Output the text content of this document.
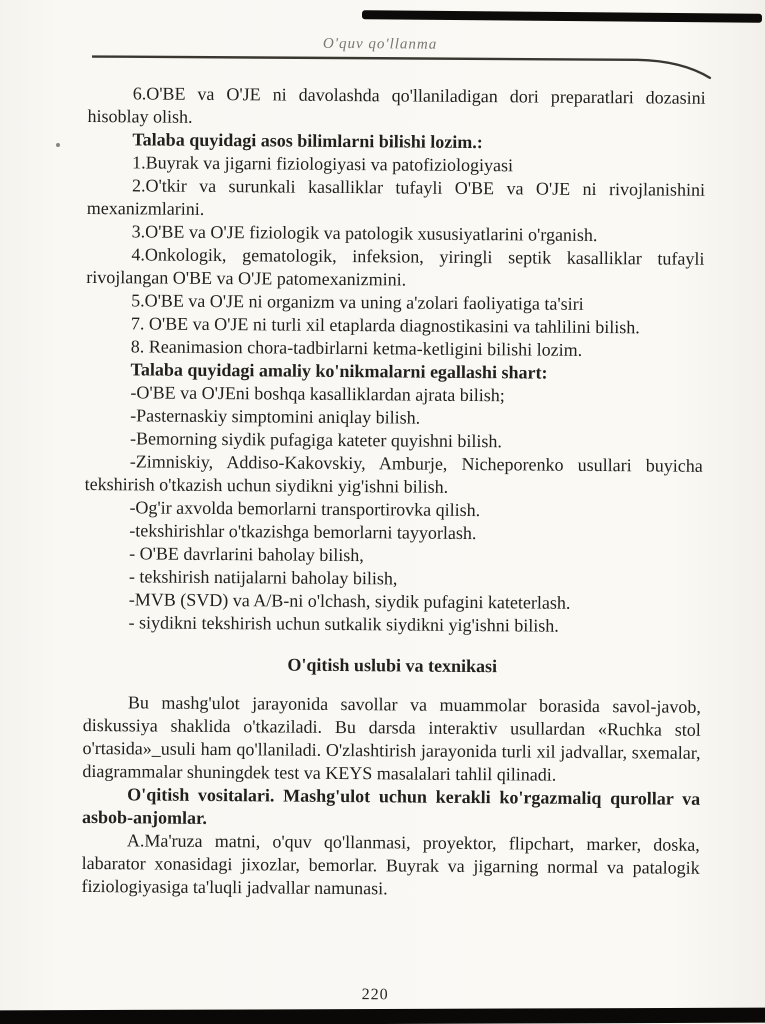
O'quv qo'llanma

6.O'BE va O'JE ni davolashda qo'llaniladigan dori preparatlari dozasini hisoblay olish.

Talaba quyidagi asos bilimlarni bilishi lozim.:

1.Buyrak va jigarni fiziologiyasi va patofiziologiyasi

2.O'tkir va surunkali kasalliklar tufayli O'BE va O'JE ni rivojlanishini mexanizmlarini.

3.O'BE va O'JE fiziologik va patologik xususiyatlarini o'rganish.

4.Onkologik, gematologik, infeksion, yiringli septik kasalliklar tufayli rivojlangan O'BE va O'JE patomexanizmini.

5.O'BE va O'JE ni organizm va uning a'zolari faoliyatiga ta'siri

7. O'BE va O'JE ni turli xil etaplarda diagnostikasini va tahlilini bilish.

8. Reanimasion chora-tadbirlarni ketma-ketligini bilishi lozim.

Talaba quyidagi amaliy ko'nikmalarni egallashi shart:

-O'BE va O'JEni boshqa kasalliklardan ajrata bilish;

-Pasternaskiy simptomini aniqlay bilish.

-Bemorning siydik pufagiga kateter quyishni bilish.

-Zimniskiy, Addiso-Kakovskiy, Amburje, Nicheporenko usullari buyicha tekshirish o'tkazish uchun siydikni yig'ishni bilish.

-Og'ir axvolda bemorlarni transportirovka qilish.

-tekshirishlar o'tkazishga bemorlarni tayyorlash.

- O'BE davrlarini baholay bilish,

- tekshirish natijalarni baholay bilish,

-MVB (SVD) va A/B-ni o'lchash, siydik pufagini kateterlash.

- siydikni tekshirish uchun sutkalik siydikni yig'ishni bilish.

O'qitish uslubi va texnikasi

Bu mashg'ulot jarayonida savollar va muammolar borasida savol-javob, diskussiya shaklida o'tkaziladi. Bu darsda interaktiv usullardan «Ruchka stol o'rtasida»_usuli ham qo'llaniladi. O'zlashtirish jarayonida turli xil jadvallar, sxemalar, diagrammalar shuningdek test va KEYS masalalari tahlil qilinadi.

O'qitish vositalari. Mashg'ulot uchun kerakli ko'rgazmaliq qurollar va asbob-anjomlar.

A.Ma'ruza matni, o'quv qo'llanmasi, proyektor, flipchart, marker, doska, labarator xonasidagi jixozlar, bemorlar. Buyrak va jigarning normal va patalogik fiziologiyasiga ta'luqli jadvallar namunasi.

220
